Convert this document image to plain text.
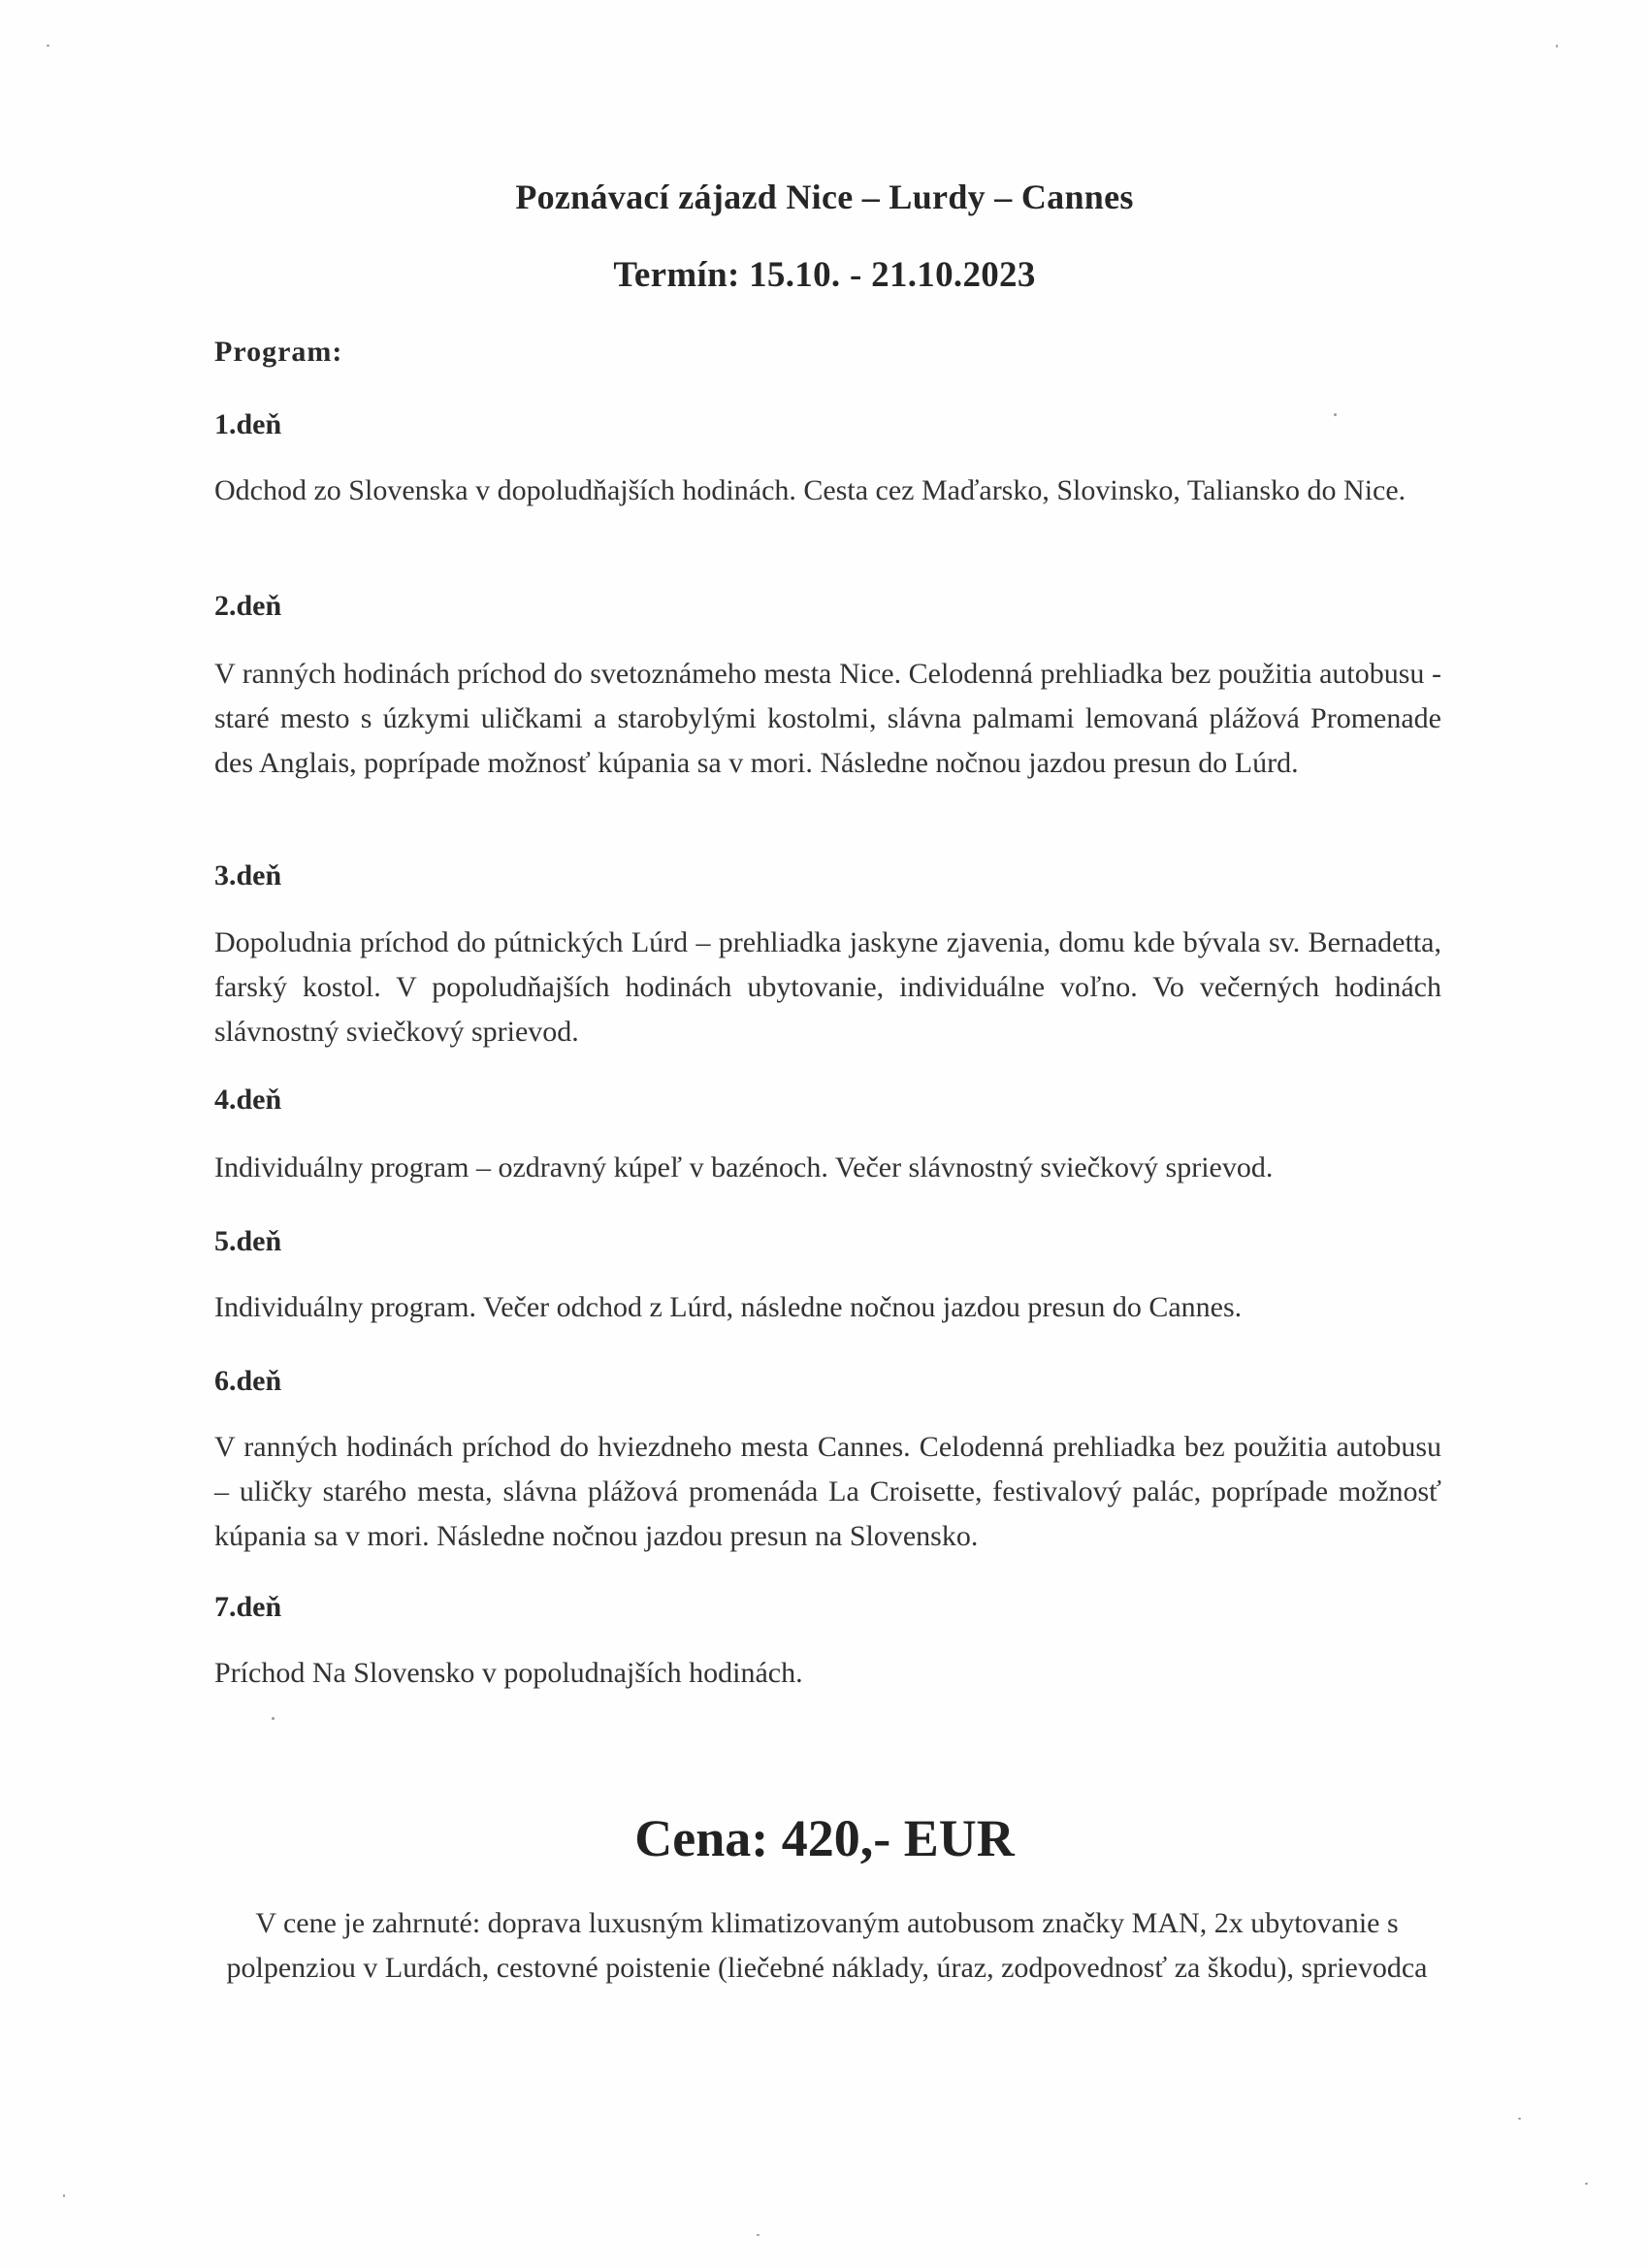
Poznávací zájazd Nice – Lurdy – Cannes
Termín: 15.10. - 21.10.2023
Program:
1.deň
Odchod zo Slovenska v dopoludňajších hodinách. Cesta cez Maďarsko, Slovinsko, Taliansko do Nice.
2.deň
V ranných hodinách príchod do svetoznámeho mesta Nice. Celodenná prehliadka bez použitia autobusu - staré mesto s úzkymi uličkami a starobylými kostolmi, slávna palmami lemovaná plážová Promenade des Anglais, poprípade možnosť kúpania sa v mori. Následne nočnou jazdou presun do Lúrd.
3.deň
Dopoludnia príchod do pútnických Lúrd – prehliadka jaskyne zjavenia, domu kde bývala sv. Bernadetta, farský kostol. V popoludňajších hodinách ubytovanie, individuálne voľno. Vo večerných hodinách slávnostný sviečkový sprievod.
4.deň
Individuálny program – ozdravný kúpeľ v bazénoch. Večer slávnostný sviečkový sprievod.
5.deň
Individuálny program. Večer odchod z Lúrd, následne nočnou jazdou presun do Cannes.
6.deň
V ranných hodinách príchod do hviezdneho mesta Cannes. Celodenná prehliadka bez použitia autobusu – uličky starého mesta, slávna plážová promenáda La Croisette, festivalový palác, poprípade možnosť kúpania sa v mori. Následne nočnou jazdou presun na Slovensko.
7.deň
Príchod Na Slovensko v popoludnajších hodinách.
Cena: 420,- EUR
V cene je zahrnuté: doprava luxusným klimatizovaným autobusom značky MAN, 2x ubytovanie s polpenziou v Lurdách, cestovné poistenie (liečebné náklady, úraz, zodpovednosť za škodu), sprievodca
